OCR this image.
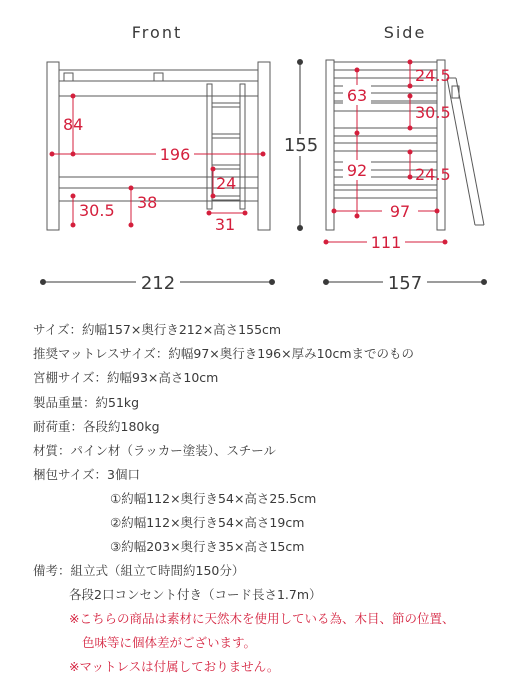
Front	Side
84
196
24
38
30.5
31
155
24.5
63
30.5
92	24.5
97
111
212	157
サイズ：約幅157×奥行き212×高さ155cm
推奨マットレスサイズ：約幅97×奥行き196×厚み10cmまでのもの
宮棚サイズ：約幅93×高さ10cm
製品重量：約51kg
耐荷重：各段約180kg
材質：パイン材（ラッカー塗装）、スチール
梱包サイズ：3個口
①約幅112×奥行き54×高さ25.5cm
②約幅112×奥行き54×高さ19cm
③約幅203×奥行き35×高さ15cm
備考：組立式（組立て時間約150分）
各段2口コンセント付き（コード長さ1.7m）
※こちらの商品は素材に天然木を使用している為、木目、節の位置、
色味等に個体差がございます。
※マットレスは付属しておりません。
